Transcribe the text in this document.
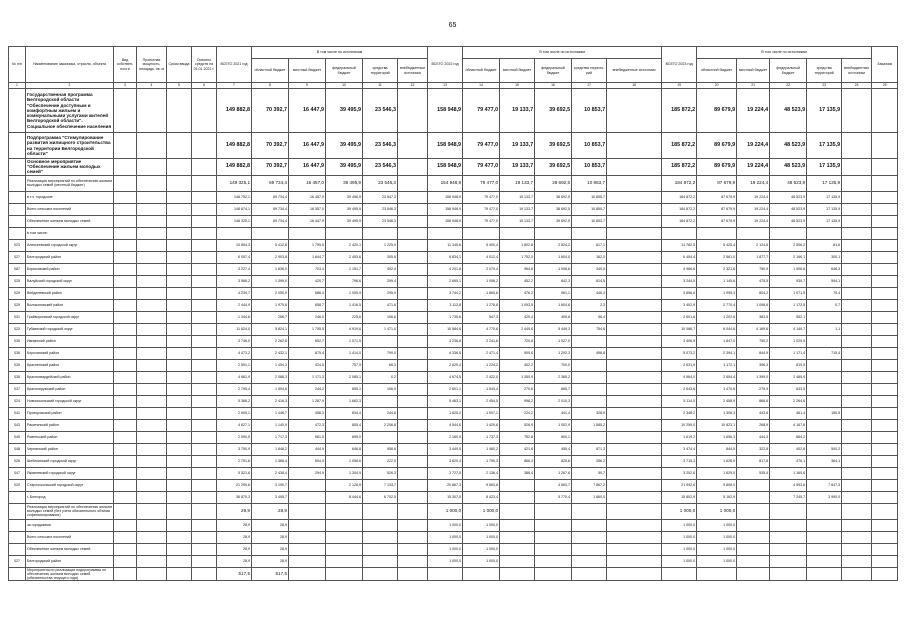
65
№ п/п	Наименование заказчика, отрасли, объекта	Вид собствен-ности	Проектная мощность, площадь, кв. м	Сроки ввода	Освоено средств на 01.01.2021 г.	ВСЕГО 2021 год	В том числе по источникам					ВСЕГО 2022 год	В том числе по источникам					ВСЕГО 2023 год	В том числе по источникам					Заказчик
							областной бюджет	местный бюджет	федеральный бюджет	средства территорий	внебюджетные источники		областной бюджет	местный бюджет	федеральный бюджет	средства территорий	внебюджетные источники		областной бюджет	местный бюджет	федеральный бюджет	средства территорий	внебюджетные источники	
1	2	3	4	5	6	7	8	9	10	11	12	13	14	15	16	17	18	19	20	21	22	23	24	25
	Государственная программа Белгородской области "Обеспечение доступным и комфортным жильем и коммунальными услугами жителей Белгородской области". Социальное обеспечение населения					149 882,8	70 392,7	16 447,9	39 495,9	23 546,3		158 948,9	79 477,0	19 133,7	39 692,5	10 853,7		185 872,2	89 679,9	19 224,4	48 523,9	17 135,9		
	Подпрограмма "Стимулирование развития жилищного строительства на территории Белгородской области"					149 882,8	70 392,7	16 447,9	39 495,9	23 546,3		158 948,9	79 477,0	19 133,7	39 692,5	10 853,7		185 872,2	89 679,9	19 224,4	48 523,9	17 135,9		
	Основное мероприятие "Обеспечение жильем молодых семей"					149 882,8	70 392,7	16 447,9	39 495,9	23 546,3		158 948,9	79 477,0	19 133,7	39 692,5	10 853,7		185 872,2	89 679,9	19 224,4	48 523,9	17 135,9		
	Реализация мероприятий по обеспечению жильем молодых семей (местный бюджет)					149 325,1	69 734,4	16 457,0	39 495,9	23 546,3		154 948,9	79 477,0	19 133,7	39 692,5	10 853,7		184 872,2	87 679,9	19 224,4	48 523,9	17 135,9		
	в т.ч. городские					148 752,1	69 734,4	16 457,0	39 456,9	23 547,3		158 948,9	79 477,0	19 133,7	38 692,5	10 855,7		184 872,2	87 679,9	19 224,4	48 523,9	17 135,9		
	Всего сельских поселений					148 874,1	69 734,4	16 557,0	39 495,9	23 546,3		158 948,9	79 477,0	19 133,7	38 692,5	10 855,7		184 872,2	87 679,9	19 224,4	48 523,9	17 135,9		
	Обеспечение жильем молодых семей					148 325,1	69 734,4	16 447,9	39 495,9	23 546,3		158 948,9	79 477,0	19 133,7	39 692,5	10 853,7		184 872,2	87 679,9	19 224,4	48 523,9	17 135,9		
	в том числе:																							
023	Алексеевский городской округ					10 854,3	5 412,8	1 795,5	2 420,1	1 225,9		11 345,6	5 400,4	1 802,8	2 524,2	617,1		11 782,5	5 425,4	2 124,6	2 506,2	81,6		
027	Белгородский район					6 057,4	2 903,8	1 644,7	2 453,6	305,6		6 834,1	4 012,4	1 752,0	1 604,0	162,0		6 454,4	2 561,0	1 877,7	2 166,1	300,1		
087	Борисовский район					3 227,4	1 636,0	703,4	1 151,7	492,4		4 201,8	2 070,4	964,6	1 006,6	349,5		4 966,6	2 321,6	750,9	1 506,6	648,3		
025	Валуйский городской округ					3 566,2	1 399,0	420,7	796,6	299,4		2 665,1	1 056,2	452,2	842,3	614,5		3 244,5	1 145,6	475,5	930,7	594,1		
029	Вейделевский район					4 239,7	2 050,9	686,4	1 005,9	295,9		3 744,2	1 860,6	476,2	961,1	446,3		3 856,6	1 995,3	804,2	1 071,5	75,4		
029	Волоконовский район					2 444,9	1 975,8	658,7	1 416,5	471,6		3 112,8	1 276,8	1 093,5	1 604,6	2,3		3 402,9	2 770,4	1 096,6	1 172,5	0,7		
031	Грайворонский городской округ					1 344,6	266,7	246,0	225,6	106,6		1 735,6	547,3	425,4	405,8	56,4		2 601,6	1 202,6	383,5	552,1			
022	Губкинский городской округ					11 824,0	5 824,1	1 755,5	4 919,6	1 471,0		10 584,8	4 770,6	2 445,6	5 449,3	754,8		10 086,7	6 044,6	4 169,6	4 140,7	1,1		
035	Ивнянский район					3 746,0	2 262,8	652,7	1 071,5			3 236,8	2 241,6	720,8	1 027,0			3 406,9	1 847,0	750,2	1 025,5			
036	Корочанский район					4 473,2	2 432,1	875,4	1 414,0	799,0		4 336,5	2 471,4	905,6	1 292,3	498,8		5 073,2	2 394,1	844,9	1 171,4	715,4		
039	Красненский район					2 551,1	1 454,3	424,5	757,9	66,3		2 625,4	1 224,2	402,2	700,0			2 631,9	1 172,1	396,3	819,5			
038	Красногвардейский район					4 661,9	2 088,3	1 171,3	2 085,1	0,2		4 674,5	2 422,0	1 350,9	2 365,2			4 964,0	2 654,4	1 399,0	2 485,9			
037	Краснояружский район					2 795,4	1 594,6	244,2	655,1	106,9		2 601,1	1 543,4	270,6	665,7			2 643,6	1 470,6	275,9	633,5			
024	Новооскольский городской округ					5 366,2	2 416,3	1 287,9	1 662,3			5 463,1	2 454,5	998,2	2 010,3			5 114,0	2 458,9	866,6	2 264,6			
041	Прохоровский район					2 605,1	1 446,7	456,3	834,4	244,8		1 625,2	1 007,1	224,2	441,4	328,9		2 348,2	1 306,3	443,6	461,4	150,5		
043	Ракитянский район					4 627,1	1 140,9	472,3	805,4	2 206,8		4 544,6	1 429,6	526,9	1 002,9	1 585,2		10 259,0	10 823,1	268,9	4 167,6			
045	Ровеньский район					2 090,5	1 717,3	661,5	695,0			2 160,9	1 737,3	752,8	800,1			1 619,2	1 656,3	444,3	664,2			
048	Чернянский район					3 750,9	1 648,2	444,9	646,8	958,6		3 440,5	1 460,2	421,6	455,4	871,3		3 474,4	844,5	322,8	402,6	500,2		
026	Шебекинский городской округ					2 751,6	1 368,4	604,9	1 058,6	222,5		3 620,4	1 790,3	868,3	825,6	256,2		3 715,3	1 626,0	817,6	476,1	364,1		
047	Яковлевский городской округ					5 521,6	2 438,4	294,9	1 304,9	526,3		3 727,0	2 136,4	388,4	1 267,6	50,7		3 202,6	1 629,0	535,4	1 165,6			
020	Старооскольский городской округ					21 299,6	3 190,7		2 126,9	7 133,7		20 867,3	9 563,8		4 563,7	7 867,2		21 992,6	9 808,0		4 593,6	7 647,3		
	г. Белгород					36 870,3	3 495,7		8 444,6	6 702,5		15 307,0	8 423,4		5 770,4	1 860,0		15 802,9	5 162,9		7 245,7	3 990,0		
	Реализация мероприятий по обеспечению жильем молодых семей (без учета обязательного объема софинансирования)					28,9	28,9					1 000,0	1 000,0					1 000,0	1 000,0					
	за городскими					28,9	28,9					1 000,0	1 000,0					1 000,0	1 000,0					
	Всего сельских поселений					28,9	28,9					1 000,0	1 000,0					1 000,0	1 000,0					
	Обеспечение жильем молодых семей					28,9	28,9					1 000,0	1 000,0					1 000,0	1 000,0					
027	Белгородский район					28,9	28,9					1 000,0	1 000,0					1 000,0	1 000,0					
	Мероприятия по реализации подпрограммы по обеспечению жильем молодых семей (обязательства текущего года)					517,5	517,5																	
